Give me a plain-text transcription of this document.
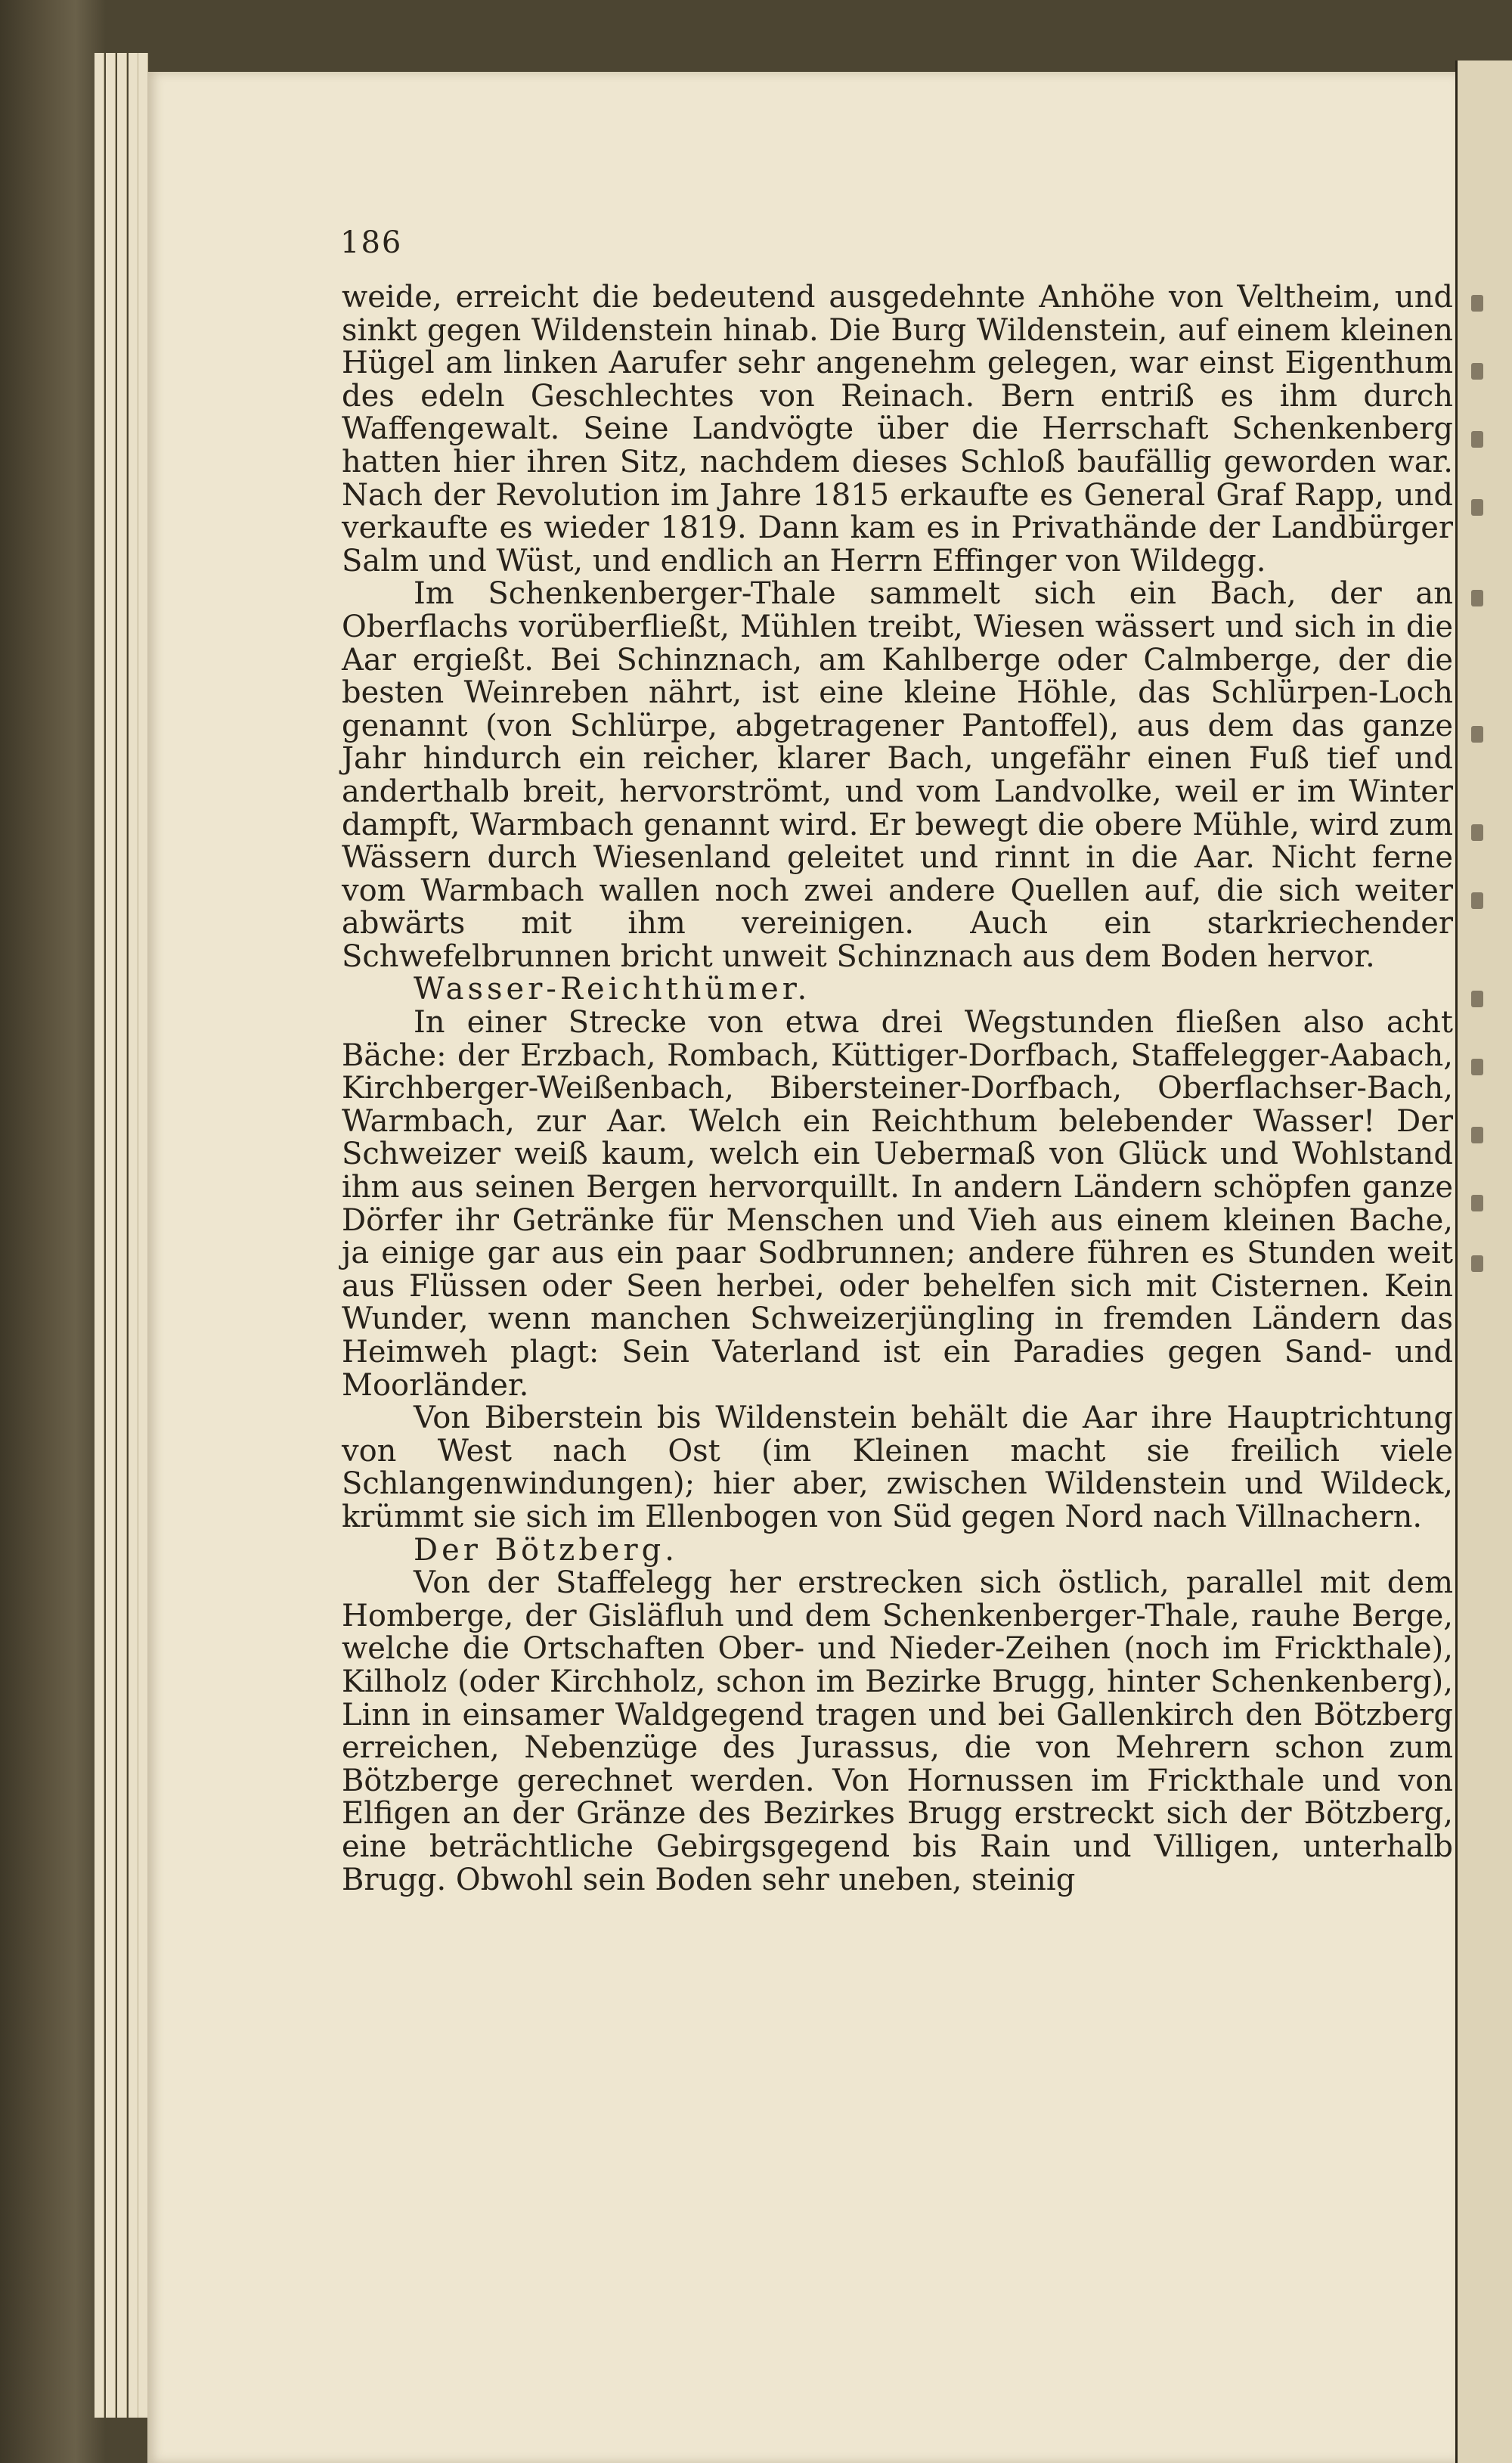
186

weide, erreicht die bedeutend ausgedehnte Anhöhe von Veltheim, und sinkt gegen Wildenstein hinab. Die Burg Wildenstein, auf einem kleinen Hügel am linken Aarufer sehr angenehm gelegen, war einst Eigenthum des edeln Geschlechtes von Reinach. Bern entriß es ihm durch Waffengewalt. Seine Landvögte über die Herrschaft Schenkenberg hatten hier ihren Sitz, nachdem dieses Schloß baufällig geworden war. Nach der Revolution im Jahre 1815 erkaufte es General Graf Rapp, und verkaufte es wieder 1819. Dann kam es in Privathände der Landbürger Salm und Wüst, und endlich an Herrn Effinger von Wildegg.

Im Schenkenberger-Thale sammelt sich ein Bach, der an Oberflachs vorüberfließt, Mühlen treibt, Wiesen wässert und sich in die Aar ergießt. Bei Schinznach, am Kahlberge oder Calmberge, der die besten Weinreben nährt, ist eine kleine Höhle, das Schlürpen-Loch genannt (von Schlürpe, abgetragener Pantoffel), aus dem das ganze Jahr hindurch ein reicher, klarer Bach, ungefähr einen Fuß tief und anderthalb breit, hervorströmt, und vom Landvolke, weil er im Winter dampft, Warmbach genannt wird. Er bewegt die obere Mühle, wird zum Wässern durch Wiesenland geleitet und rinnt in die Aar. Nicht ferne vom Warmbach wallen noch zwei andere Quellen auf, die sich weiter abwärts mit ihm vereinigen. Auch ein starkriechender Schwefelbrunnen bricht unweit Schinznach aus dem Boden hervor.

Wasser-Reichthümer.

In einer Strecke von etwa drei Wegstunden fließen also acht Bäche: der Erzbach, Rombach, Küttiger-Dorfbach, Staffelegger-Aabach, Kirchberger-Weißenbach, Bibersteiner-Dorfbach, Oberflachser-Bach, Warmbach, zur Aar. Welch ein Reichthum belebender Wasser! Der Schweizer weiß kaum, welch ein Uebermaß von Glück und Wohlstand ihm aus seinen Bergen hervorquillt. In andern Ländern schöpfen ganze Dörfer ihr Getränke für Menschen und Vieh aus einem kleinen Bache, ja einige gar aus ein paar Sodbrunnen; andere führen es Stunden weit aus Flüssen oder Seen herbei, oder behelfen sich mit Cisternen. Kein Wunder, wenn manchen Schweizerjüngling in fremden Ländern das Heimweh plagt: Sein Vaterland ist ein Paradies gegen Sand- und Moorländer.

Von Biberstein bis Wildenstein behält die Aar ihre Hauptrichtung von West nach Ost (im Kleinen macht sie freilich viele Schlangenwindungen); hier aber, zwischen Wildenstein und Wildeck, krümmt sie sich im Ellenbogen von Süd gegen Nord nach Villnachern.

Der Bötzberg.

Von der Staffelegg her erstrecken sich östlich, parallel mit dem Homberge, der Gisläfluh und dem Schenkenberger-Thale, rauhe Berge, welche die Ortschaften Ober- und Nieder-Zeihen (noch im Frickthale), Kilholz (oder Kirchholz, schon im Bezirke Brugg, hinter Schenkenberg), Linn in einsamer Waldgegend tragen und bei Gallenkirch den Bötzberg erreichen, Nebenzüge des Jurassus, die von Mehrern schon zum Bötzberge gerechnet werden. Von Hornussen im Frickthale und von Elfigen an der Gränze des Bezirkes Brugg erstreckt sich der Bötzberg, eine beträchtliche Gebirgsgegend bis Rain und Villigen, unterhalb Brugg. Obwohl sein Boden sehr uneben, steinig
